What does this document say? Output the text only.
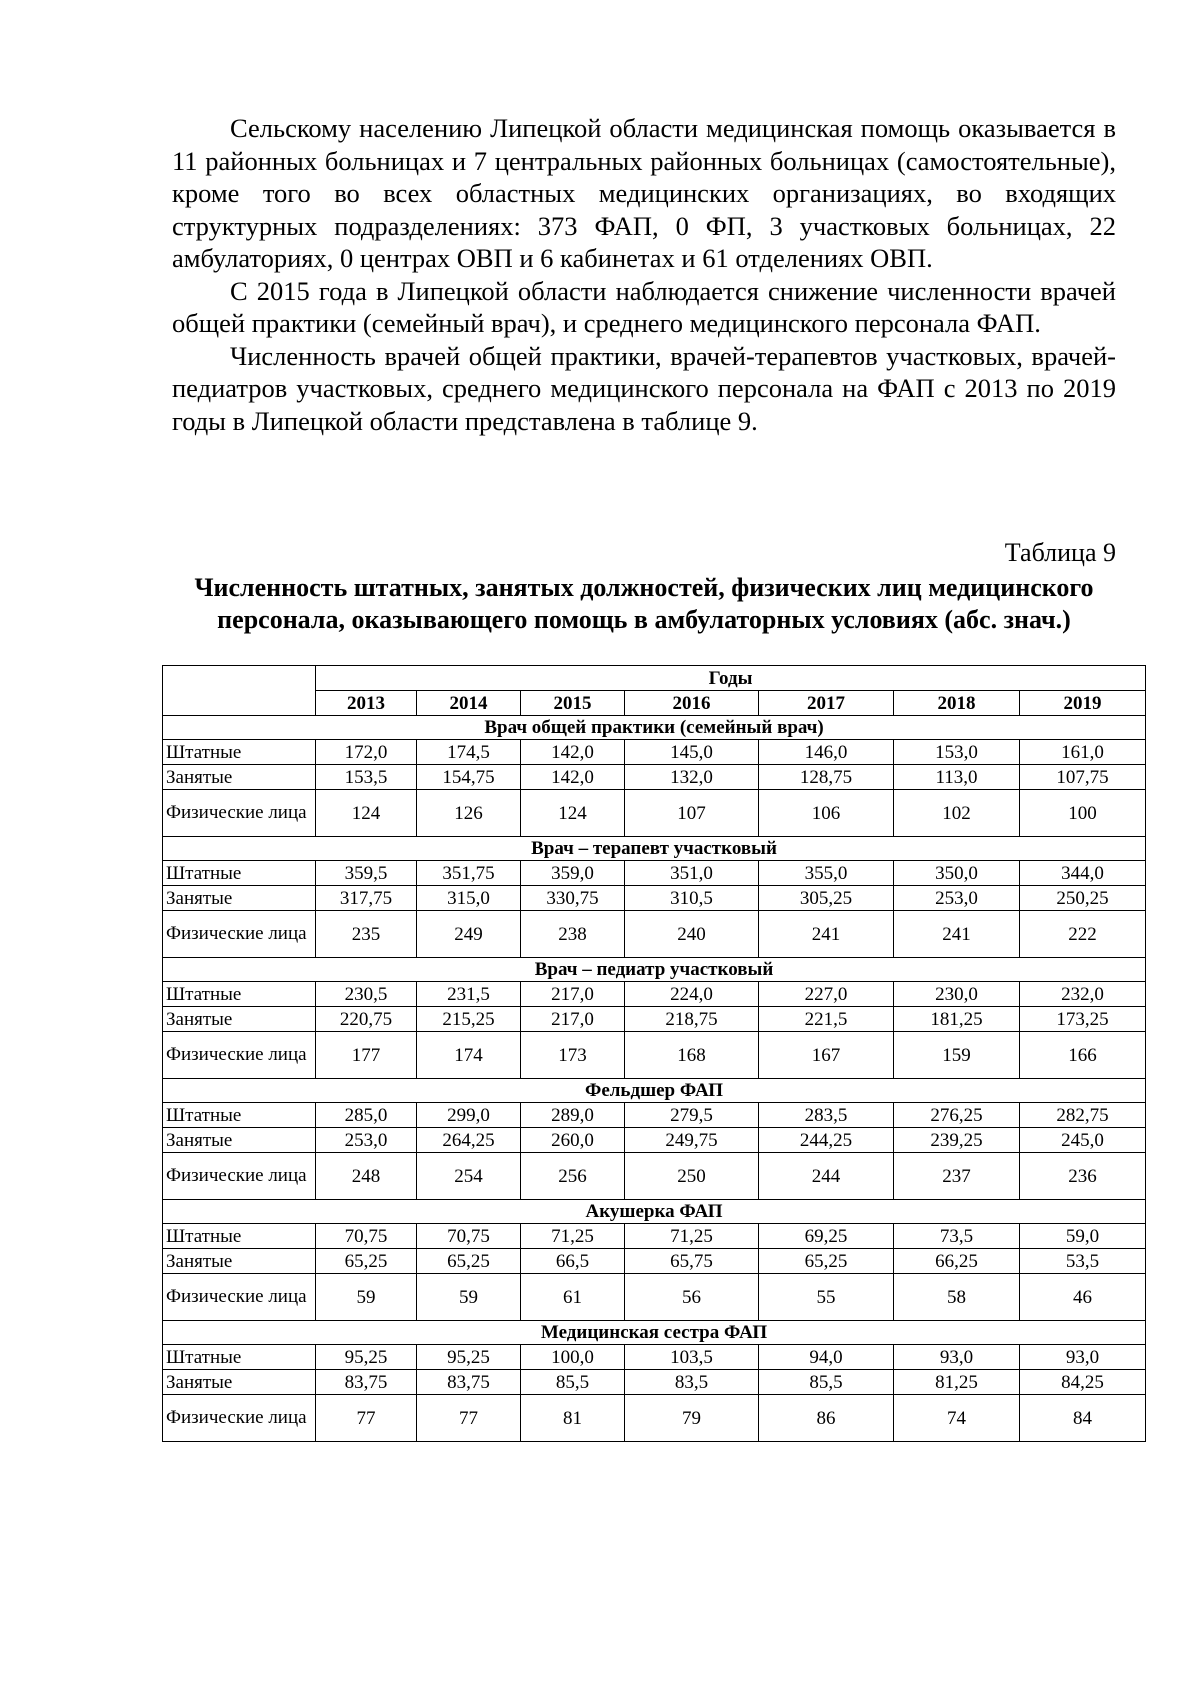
Сельскому населению Липецкой области медицинская помощь оказывается в 11 районных больницах и 7 центральных районных больницах (самостоятельные), кроме того во всех областных медицинских организациях, во входящих структурных подразделениях: 373 ФАП, 0 ФП, 3 участковых больницах, 22 амбулаториях, 0 центрах ОВП и 6 кабинетах и 61 отделениях ОВП.

С 2015 года в Липецкой области наблюдается снижение численности врачей общей практики (семейный врач), и среднего медицинского персонала ФАП.

Численность врачей общей практики, врачей-терапевтов участковых, врачей-педиатров участковых, среднего медицинского персонала на ФАП с 2013 по 2019 годы в Липецкой области представлена в таблице 9.

Таблица 9

Численность штатных, занятых должностей, физических лиц медицинского персонала, оказывающего помощь в амбулаторных условиях (абс. знач.)

	Годы						
	2013	2014	2015	2016	2017	2018	2019
Врач общей практики (семейный врач)							
Штатные	172,0	174,5	142,0	145,0	146,0	153,0	161,0
Занятые	153,5	154,75	142,0	132,0	128,75	113,0	107,75
Физические лица	124	126	124	107	106	102	100
Врач – терапевт участковый							
Штатные	359,5	351,75	359,0	351,0	355,0	350,0	344,0
Занятые	317,75	315,0	330,75	310,5	305,25	253,0	250,25
Физические лица	235	249	238	240	241	241	222
Врач – педиатр участковый							
Штатные	230,5	231,5	217,0	224,0	227,0	230,0	232,0
Занятые	220,75	215,25	217,0	218,75	221,5	181,25	173,25
Физические лица	177	174	173	168	167	159	166
Фельдшер ФАП							
Штатные	285,0	299,0	289,0	279,5	283,5	276,25	282,75
Занятые	253,0	264,25	260,0	249,75	244,25	239,25	245,0
Физические лица	248	254	256	250	244	237	236
Акушерка ФАП							
Штатные	70,75	70,75	71,25	71,25	69,25	73,5	59,0
Занятые	65,25	65,25	66,5	65,75	65,25	66,25	53,5
Физические лица	59	59	61	56	55	58	46
Медицинская сестра ФАП							
Штатные	95,25	95,25	100,0	103,5	94,0	93,0	93,0
Занятые	83,75	83,75	85,5	83,5	85,5	81,25	84,25
Физические лица	77	77	81	79	86	74	84
